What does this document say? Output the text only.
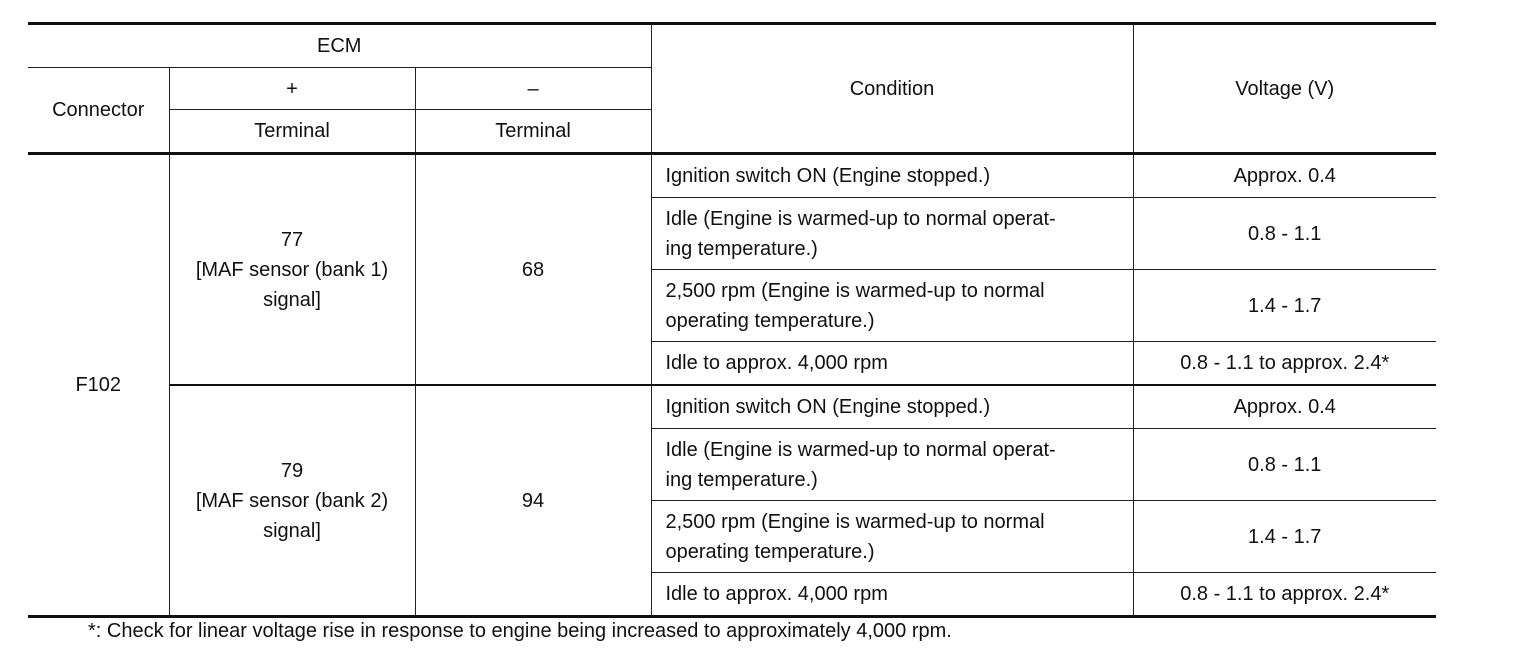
ECM			Condition	Voltage (V)
Connector	+	–		
	Terminal	Terminal		
F102	77
[MAF sensor (bank 1)
signal]	68	Ignition switch ON (Engine stopped.)	Approx. 0.4

			Idle (Engine is warmed-up to normal operat-
ing temperature.)	0.8 - 1.1

			2,500 rpm (Engine is warmed-up to normal
operating temperature.)	1.4 - 1.7
			Idle to approx. 4,000 rpm	0.8 - 1.1 to approx. 2.4*

	79
[MAF sensor (bank 2)
signal]	94	Ignition switch ON (Engine stopped.)	Approx. 0.4

			Idle (Engine is warmed-up to normal operat-
ing temperature.)	0.8 - 1.1

			2,500 rpm (Engine is warmed-up to normal
operating temperature.)	1.4 - 1.7
			Idle to approx. 4,000 rpm	0.8 - 1.1 to approx. 2.4*
*: Check for linear voltage rise in response to engine being increased to approximately 4,000 rpm.
